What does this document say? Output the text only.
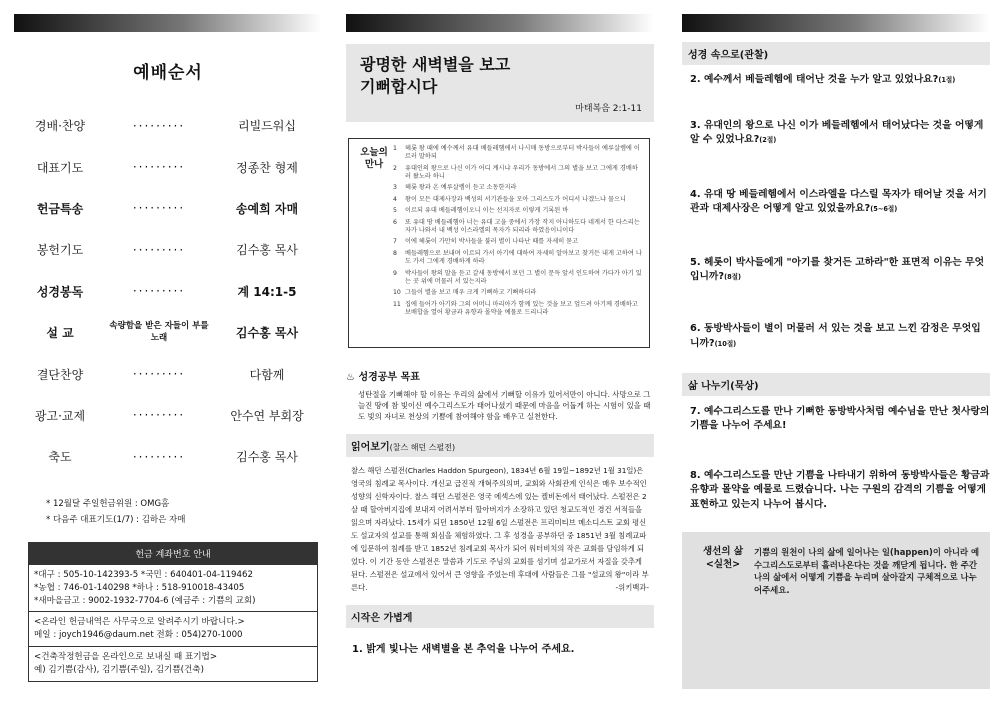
예배순서
경배·찬양	·········	리빌드워십
대표기도	·········	정종찬 형제
헌금특송	·········	송예희 자매
봉헌기도	·········	김수홍 목사
성경봉독	·········	계 14:1-5
설 교	속량함을 받은 자들이 부를 노래	김수홍 목사
결단찬양	·········	다함께
광고·교제	·········	안수연 부회장
축도	·········	김수홍 목사
* 12월달 주일헌금위원 : OMG홈
* 다음주 대표기도(1/7) : 김하은 자매
헌금 계좌번호 안내
*대구 : 505-10-142393-5 *국민 : 640401-04-119462
*농협 : 746-01-140298 *하나 : 518-910018-43405
*새마을금고 : 9002-1932-7704-6 (예금주 : 기쁨의 교회)
<온라인 헌금내역은 사무국으로 알려주시기 바랍니다.>
메일 : joych1946@daum.net 전화 : 054)270-1000
<건축작정헌금을 온라인으로 보내실 때 표기법>
예) 김기쁨(감사), 김기쁨(주일), 김기쁨(건축)
광명한 새벽별을 보고
기뻐합시다
마태복음 2:1-11
오늘의 만나
1	헤롯 왕 때에 예수께서 유대 베들레헴에서 나시매 동방으로부터 박사들이 예루살렘에 이르러 말하되
2	유대인의 왕으로 나신 이가 어디 계시냐 우리가 동방에서 그의 별을 보고 그에게 경배하러 왔노라 하니
3	헤롯 왕과 온 예루살렘이 듣고 소동한지라
4	왕이 모든 대제사장과 백성의 서기관들을 모아 그리스도가 어디서 나겠느냐 물으니
5	이르되 유대 베들레헴이오니 이는 선지자로 이렇게 기록된 바
6	또 유대 땅 베들레헴아 너는 유대 고을 중에서 가장 작지 아니하도다 네게서 한 다스리는 자가 나와서 내 백성 이스라엘의 목자가 되리라 하였음이니이다
7	이에 헤롯이 가만히 박사들을 불러 별이 나타난 때를 자세히 묻고
8	베들레헴으로 보내며 이르되 가서 아기에 대하여 자세히 알아보고 찾거든 내게 고하여 나도 가서 그에게 경배하게 하라
9	박사들이 왕의 말을 듣고 갈새 동방에서 보던 그 별이 문득 앞서 인도하여 가다가 아기 있는 곳 위에 머물러 서 있는지라
10 그들이 별을 보고 매우 크게 기뻐하고 기뻐하더라
11 집에 들어가 아기와 그의 어머니 마리아가 함께 있는 것을 보고 엎드려 아기께 경배하고 보배합을 열어 황금과 유향과 몰약을 예물로 드리니라
♨ 성경공부 목표
성탄절을 기뻐해야 할 이유는 우리의 삶에서 기뻐할 이유가 있어서만이 아니다. 사망으로 그늘진 땅에 참 빛이신 예수그리스도가 태어나셨기 때문에 마음을 어둡게 하는 시험이 있을 때도 빛의 자녀로 천상의 기쁨에 참여해야 함을 배우고 실천한다.
읽어보기(찰스 해던 스펄전)
찰스 해던 스펄전(Charles Haddon Spurgeon), 1834년 6월 19일~1892년 1월 31일)은 영국의 침례교 목사이다. 개신교 급진적 개혁주의의며, 교회와 사회관계 인식은 매우 보수적인 성향의 신학자이다. 찰스 해던 스펄전은 영국 에섹스에 있는 켈비돈에서 태어났다. 스펄전은 2살 때 할아버지집에 보내져 어려서부터 할아버지가 소장하고 있던 청교도적인 경건 서적들을 읽으며 자라났다. 15세가 되던 1850년 12월 6일 스펄전은 프리미티브 메소디스트 교회 평신도 설교자의 설교를 통해 회심을 체험하였다. 그 후 성경을 공부하던 중 1851년 3월 침례교파에 입문하여 침례를 받고 1852년 침례교회 목사가 되어 워터비치의 작은 교회를 담임하게 되었다. 이 기간 동안 스펄전은 말씀과 기도로 주님의 교회를 섬기며 설교가로서 자질을 갖추게 된다. 스펄전은 설교에서 있어서 큰 영향을 주었는데 후대에 사람들은 그를 "설교의 왕"이라 부른다.	-위키백과-
시작은 가볍게
1. 밝게 빛나는 새벽별을 본 추억을 나누어 주세요.
성경 속으로(관찰)
2. 예수께서 베들레헴에 태어난 것을 누가 알고 있었나요?(1절)
3. 유대인의 왕으로 나신 이가 베들레헴에서 태어났다는 것을 어떻게 알 수 있었나요?(2절)
4. 유대 땅 베들레헴에서 이스라엘을 다스릴 목자가 태어날 것을 서기관과 대제사장은 어떻게 알고 있었을까요?(5~6절)
5. 헤롯이 박사들에게 "아기를 찾거든 고하라"한 표면적 이유는 무엇입니까?(8절)
6. 동방박사들이 별이 머물러 서 있는 것을 보고 느낀 감정은 무엇입니까?(10절)
삶 나누기(묵상)
7. 예수그리스도를 만나 기뻐한 동방박사처럼 예수님을 만난 첫사랑의 기쁨을 나누어 주세요!
8. 예수그리스도를 만난 기쁨을 나타내기 위하여 동방박사들은 황금과 유향과 몰약을 예물로 드렸습니다. 나는 구원의 감격의 기쁨을 어떻게 표현하고 있는지 나누어 봅시다.
생선의 삶
<실천>
기쁨의 원천이 나의 삶에 일어나는 일(happen)이 아니라 예수그리스도로부터 흘러나온다는 것을 깨닫게 됩니다. 한 주간 나의 삶에서 어떻게 기쁨을 누리며 살아갈지 구체적으로 나누어주세요.
